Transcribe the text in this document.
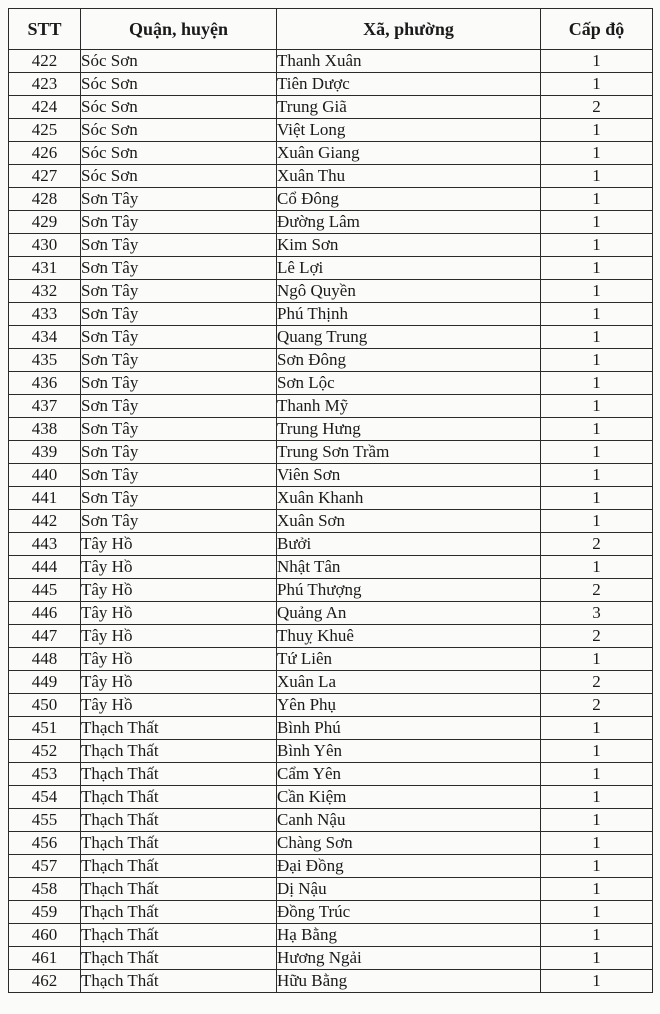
STT	Quận, huyện	Xã, phường	Cấp độ
422	Sóc Sơn	Thanh Xuân	1
423	Sóc Sơn	Tiên Dược	1
424	Sóc Sơn	Trung Giã	2
425	Sóc Sơn	Việt Long	1
426	Sóc Sơn	Xuân Giang	1
427	Sóc Sơn	Xuân Thu	1
428	Sơn Tây	Cổ Đông	1
429	Sơn Tây	Đường Lâm	1
430	Sơn Tây	Kim Sơn	1
431	Sơn Tây	Lê Lợi	1
432	Sơn Tây	Ngô Quyền	1
433	Sơn Tây	Phú Thịnh	1
434	Sơn Tây	Quang Trung	1
435	Sơn Tây	Sơn Đông	1
436	Sơn Tây	Sơn Lộc	1
437	Sơn Tây	Thanh Mỹ	1
438	Sơn Tây	Trung Hưng	1
439	Sơn Tây	Trung Sơn Trầm	1
440	Sơn Tây	Viên Sơn	1
441	Sơn Tây	Xuân Khanh	1
442	Sơn Tây	Xuân Sơn	1
443	Tây Hồ	Bưởi	2
444	Tây Hồ	Nhật Tân	1
445	Tây Hồ	Phú Thượng	2
446	Tây Hồ	Quảng An	3
447	Tây Hồ	Thuỵ Khuê	2
448	Tây Hồ	Tứ Liên	1
449	Tây Hồ	Xuân La	2
450	Tây Hồ	Yên Phụ	2
451	Thạch Thất	Bình Phú	1
452	Thạch Thất	Bình Yên	1
453	Thạch Thất	Cẩm Yên	1
454	Thạch Thất	Cần Kiệm	1
455	Thạch Thất	Canh Nậu	1
456	Thạch Thất	Chàng Sơn	1
457	Thạch Thất	Đại Đồng	1
458	Thạch Thất	Dị Nậu	1
459	Thạch Thất	Đồng Trúc	1
460	Thạch Thất	Hạ Bằng	1
461	Thạch Thất	Hương Ngải	1
462	Thạch Thất	Hữu Bằng	1
